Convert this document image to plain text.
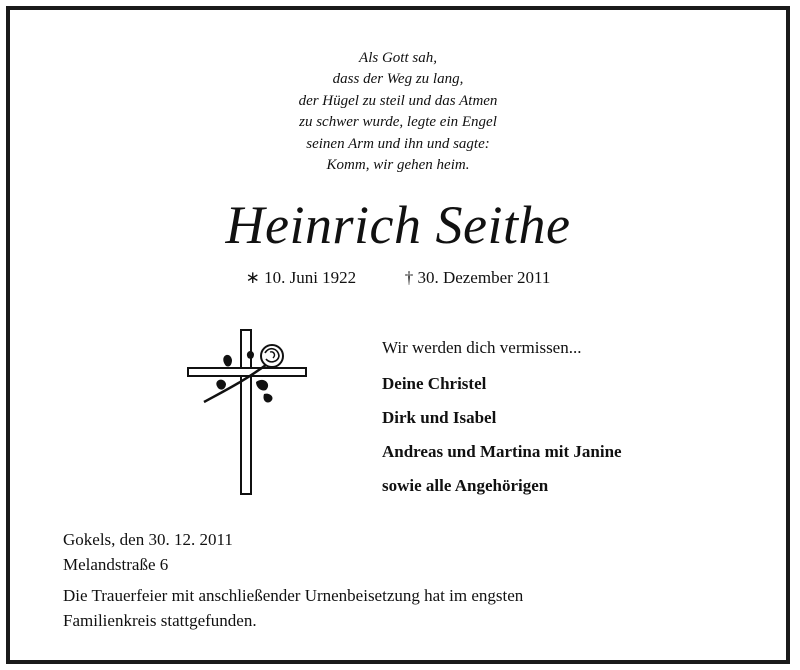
Als Gott sah,
dass der Weg zu lang,
der Hügel zu steil und das Atmen
zu schwer wurde, legte ein Engel
seinen Arm und ihn und sagte:
Komm, wir gehen heim.
Heinrich Seithe
∗ 10. Juni 1922	† 30. Dezember 2011
Wir werden dich vermissen...
Deine Christel
Dirk und Isabel
Andreas und Martina mit Janine
sowie alle Angehörigen
Gokels, den 30. 12. 2011
Melandstraße 6
Die Trauerfeier mit anschließender Urnenbeisetzung hat im engsten
Familienkreis stattgefunden.
